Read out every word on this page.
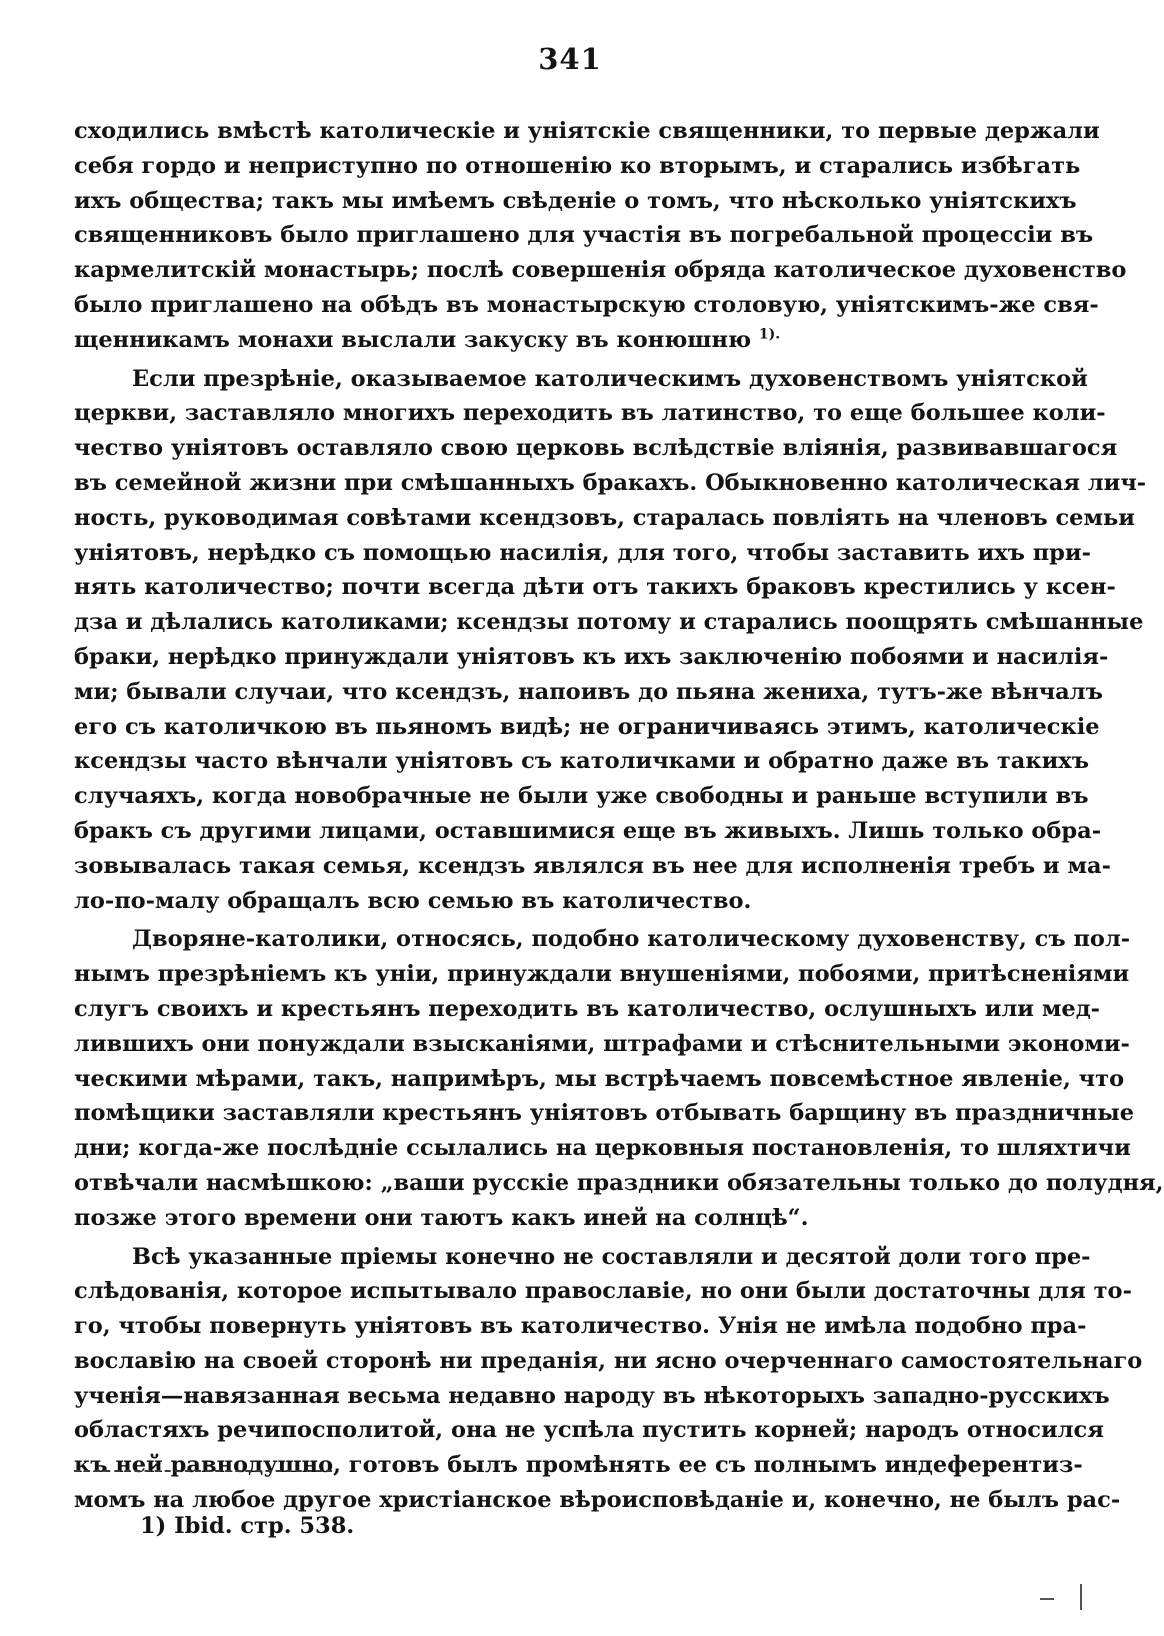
341
сходились вмѣстѣ католическіе и уніятскіе священники, то первые держали
себя гордо и неприступно по отношенію ко вторымъ, и старались избѣгать
ихъ общества; такъ мы имѣемъ свѣденіе о томъ, что нѣсколько уніятскихъ
священниковъ было приглашено для участія въ погребальной процессіи въ
кармелитскій монастырь; послѣ совершенія обряда католическое духовенство
было приглашено на обѣдъ въ монастырскую столовую, уніятскимъ-же свя-
щенникамъ монахи выслали закуску въ конюшню $^{1).}$
Если презрѣніе, оказываемое католическимъ духовенствомъ уніятской
церкви, заставляло многихъ переходить въ латинство, то еще большее коли-
чество уніятовъ оставляло свою церковь вслѣдствіе вліянія, развивавшагося
въ семейной жизни при смѣшанныхъ бракахъ. Обыкновенно католическая лич-
ность, руководимая совѣтами ксендзовъ, старалась повліять на членовъ семьи
уніятовъ, нерѣдко съ помощью насилія, для того, чтобы заставить ихъ при-
нять католичество; почти всегда дѣти отъ такихъ браковъ крестились у ксен-
дза и дѣлались католиками; ксендзы потому и старались поощрять смѣшанные
браки, нерѣдко принуждали уніятовъ къ ихъ заключенію побоями и насилія-
ми; бывали случаи, что ксендзъ, напоивъ до пьяна жениха, тутъ-же вѣнчалъ
его съ католичкою въ пьяномъ видѣ; не ограничиваясь этимъ, католическіе
ксендзы часто вѣнчали уніятовъ съ католичками и обратно даже въ такихъ
случаяхъ, когда новобрачные не были уже свободны и раньше вступили въ
бракъ съ другими лицами, оставшимися еще въ живыхъ. Лишь только обра-
зовывалась такая семья, ксендзъ являлся въ нее для исполненія требъ и ма-
ло-по-малу обращалъ всю семью въ католичество.
Дворяне-католики, относясь, подобно католическому духовенству, съ пол-
нымъ презрѣніемъ къ уніи, принуждали внушеніями, побоями, притѣсненіями
слугъ своихъ и крестьянъ переходить въ католичество, ослушныхъ или мед-
лившихъ они понуждали взысканіями, штрафами и стѣснительными экономи-
ческими мѣрами, такъ, напримѣръ, мы встрѣчаемъ повсемѣстное явленіе, что
помѣщики заставляли крестьянъ уніятовъ отбывать барщину въ праздничные
дни; когда-же послѣдніе ссылались на церковныя постановленія, то шляхтичи
отвѣчали насмѣшкою: „ваши русскіе праздники обязательны только до полудня,
позже этого времени они таютъ какъ иней на солнцѣ“.
Всѣ указанные пріемы конечно не составляли и десятой доли того пре-
слѣдованія, которое испытывало православіе, но они были достаточны для то-
го, чтобы повернуть уніятовъ въ католичество. Унія не имѣла подобно пра-
вославію на своей сторонѣ ни преданія, ни ясно очерченнаго самостоятельнаго
ученія—навязанная весьма недавно народу въ нѣкоторыхъ западно-русскихъ
областяхъ речипосполитой, она не успѣла пустить корней; народъ относился
къ ней равнодушно, готовъ былъ промѣнять ее съ полнымъ индеферентиз-
момъ на любое другое христіанское вѣроисповѣданіе и, конечно, не былъ рас-
1) Ibid. стр. 538.
